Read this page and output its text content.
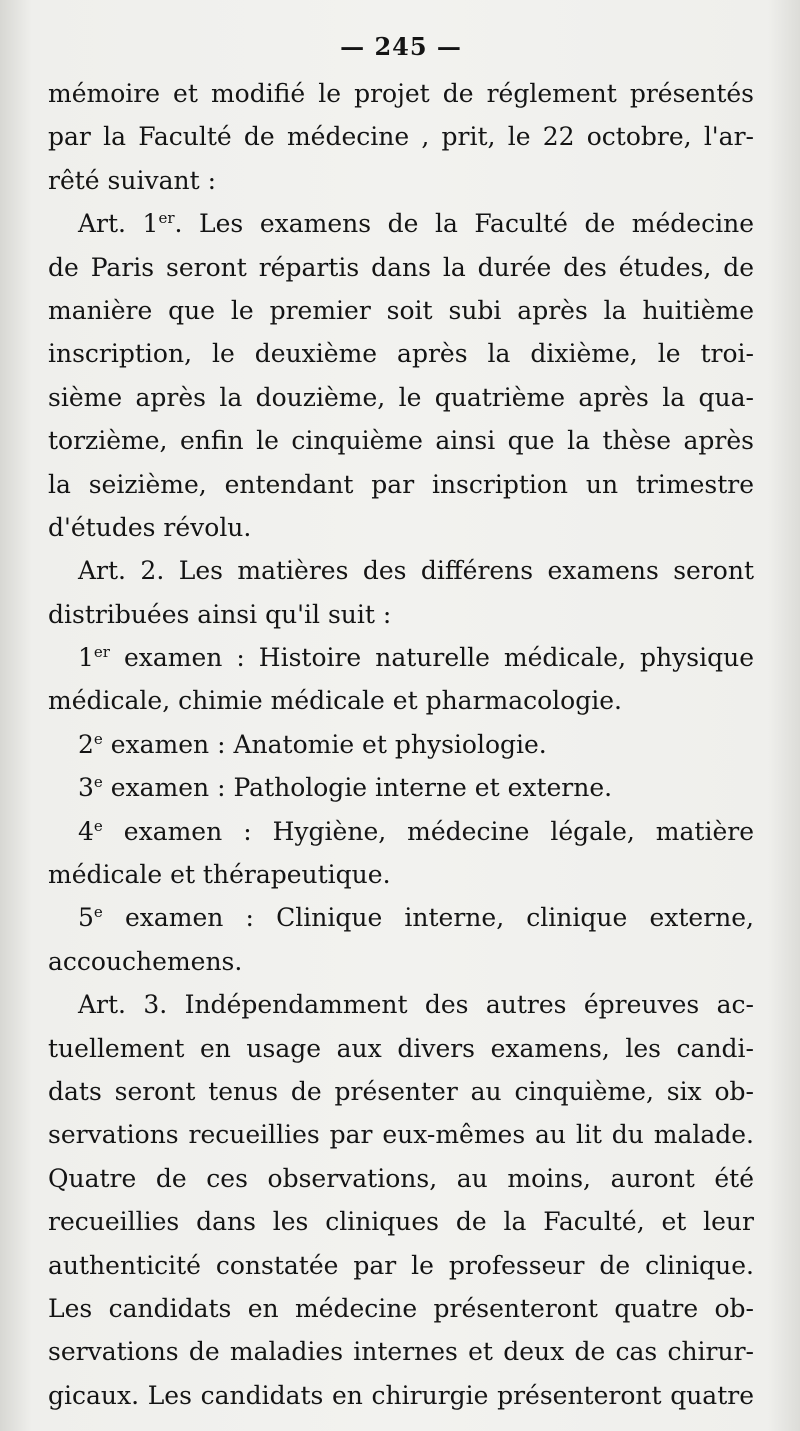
— 245 —
mémoire et modifié le projet de réglement présentés
par la Faculté de médecine , prit, le 22 octobre, l'ar-
rêté suivant :
Art. 1er. Les examens de la Faculté de médecine
de Paris seront répartis dans la durée des études, de
manière que le premier soit subi après la huitième
inscription, le deuxième après la dixième, le troi-
sième après la douzième, le quatrième après la qua-
torzième, enfin le cinquième ainsi que la thèse après
la seizième, entendant par inscription un trimestre
d'études révolu.
Art. 2. Les matières des différens examens seront
distribuées ainsi qu'il suit :
1er examen : Histoire naturelle médicale, physique
médicale, chimie médicale et pharmacologie.
2e examen : Anatomie et physiologie.
3e examen : Pathologie interne et externe.
4e examen : Hygiène, médecine légale, matière
médicale et thérapeutique.
5e examen : Clinique interne, clinique externe,
accouchemens.
Art. 3. Indépendamment des autres épreuves ac-
tuellement en usage aux divers examens, les candi-
dats seront tenus de présenter au cinquième, six ob-
servations recueillies par eux-mêmes au lit du malade.
Quatre de ces observations, au moins, auront été
recueillies dans les cliniques de la Faculté, et leur
authenticité constatée par le professeur de clinique.
Les candidats en médecine présenteront quatre ob-
servations de maladies internes et deux de cas chirur-
gicaux. Les candidats en chirurgie présenteront quatre
